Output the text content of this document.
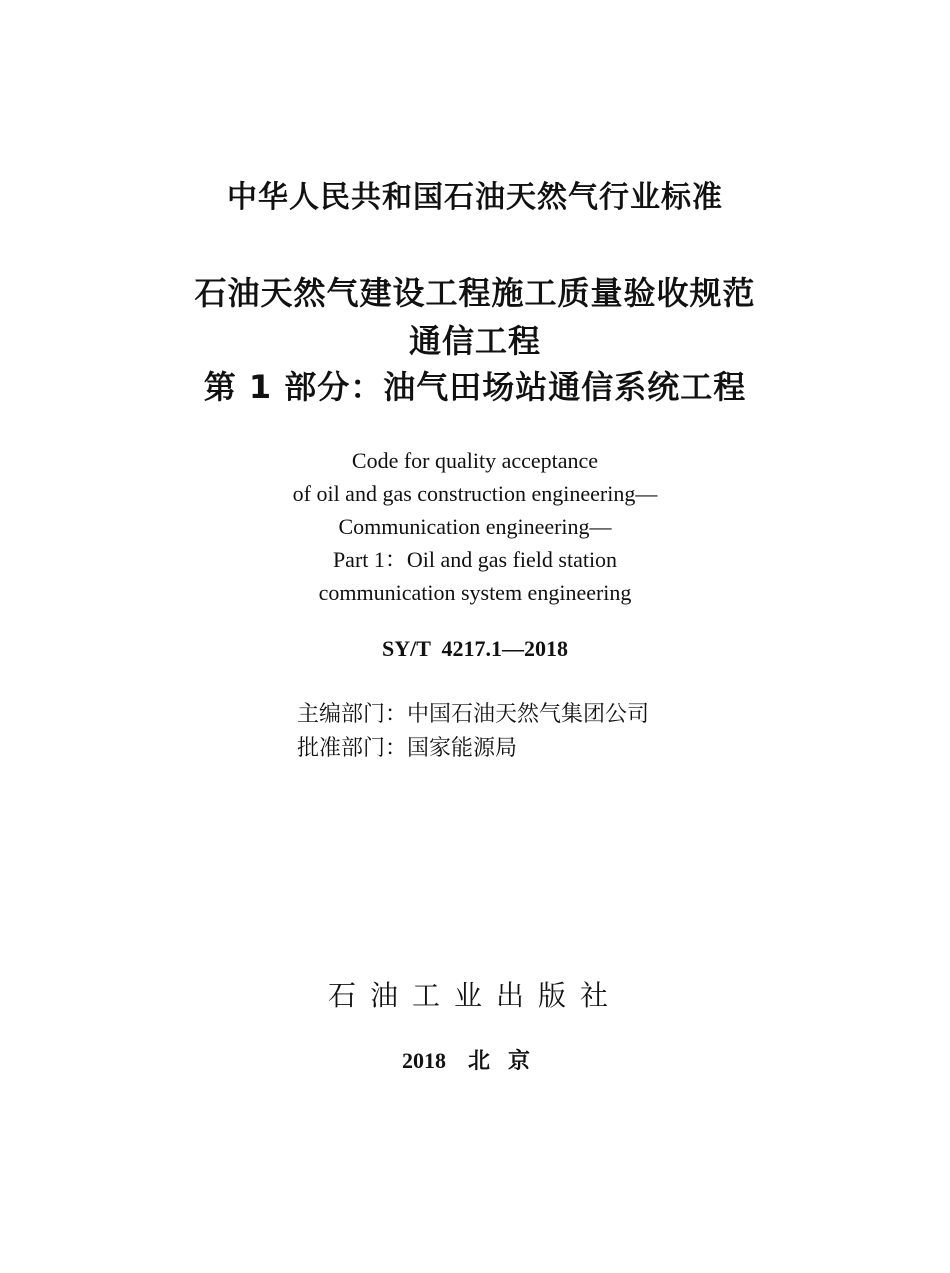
中华人民共和国石油天然气行业标准
石油天然气建设工程施工质量验收规范
通信工程
第 1 部分：油气田场站通信系统工程
Code for quality acceptance
of oil and gas construction engineering—
Communication engineering—
Part 1：Oil and gas field station
communication system engineering
SY/T  4217.1—2018
主编部门：中国石油天然气集团公司
批准部门：国家能源局
石油工业出版社
2018 北京
